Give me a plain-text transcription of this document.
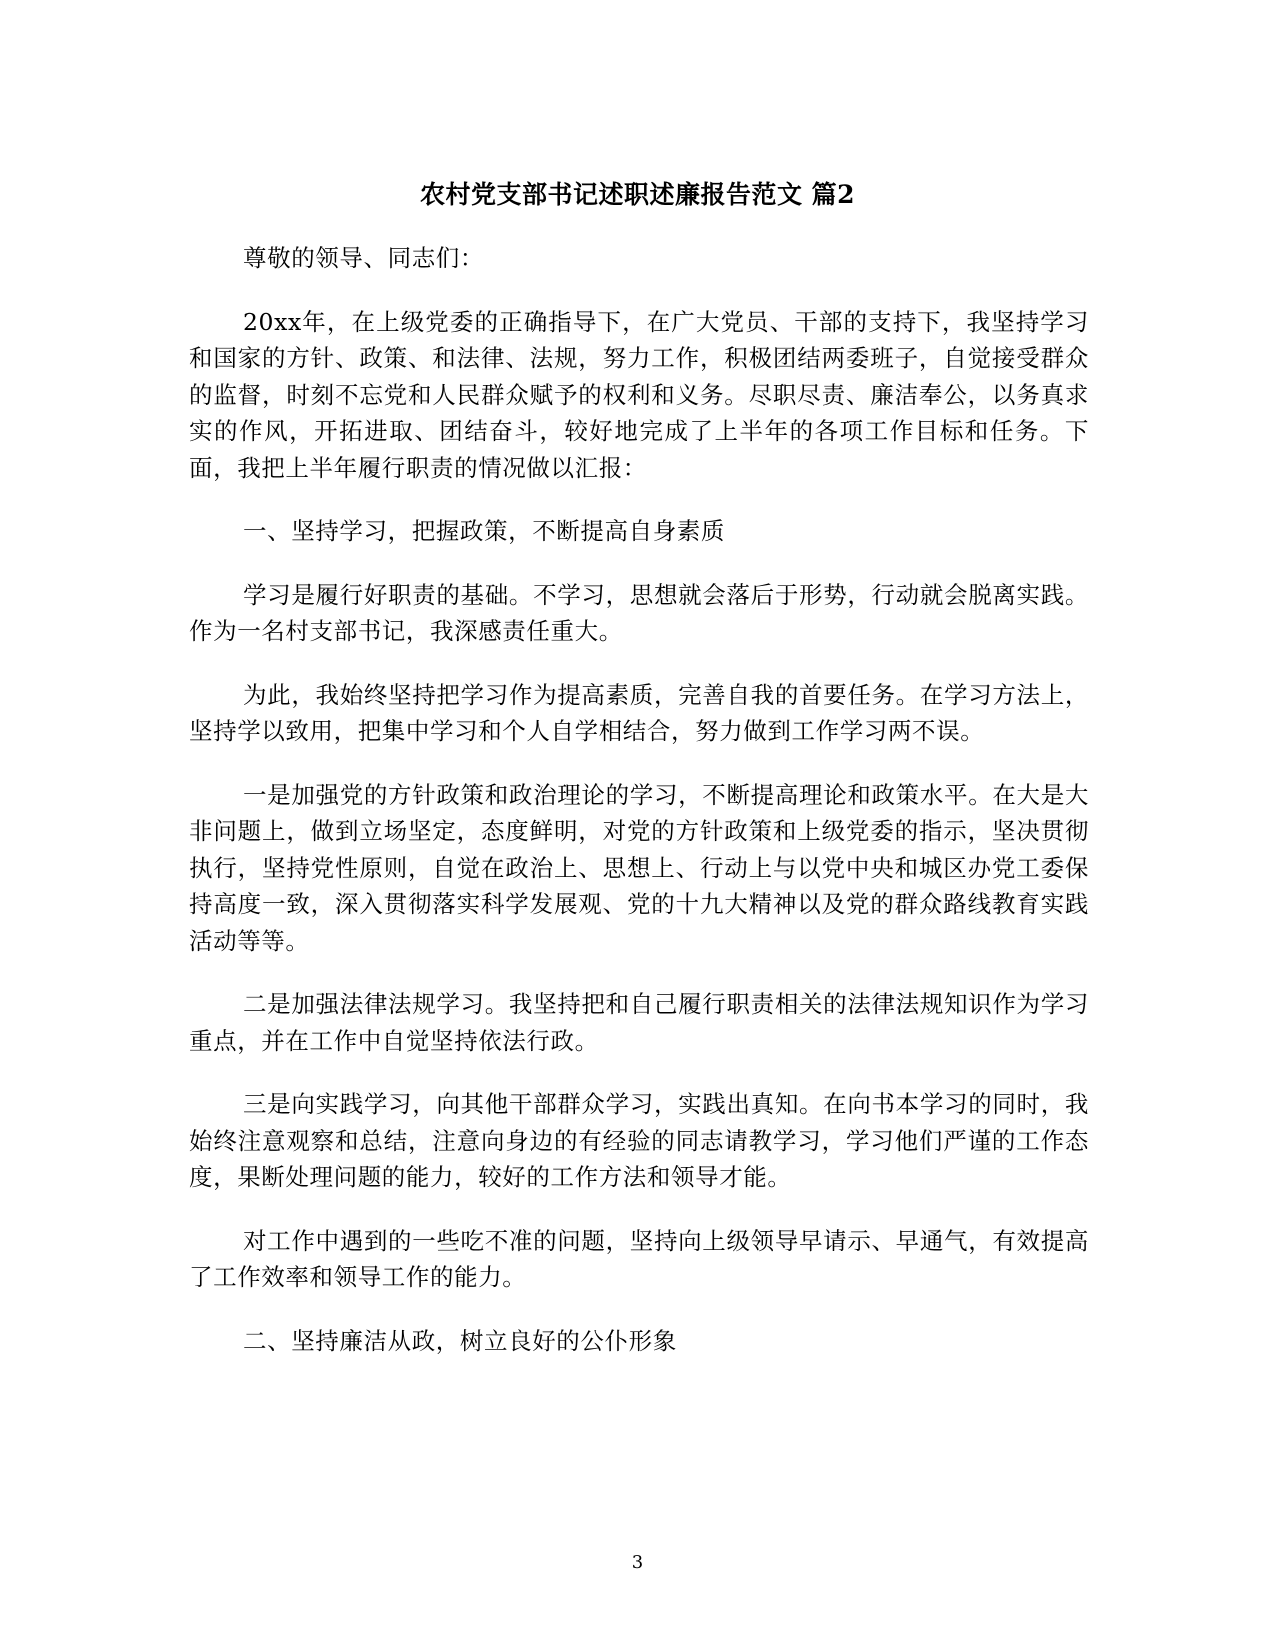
农村党支部书记述职述廉报告范文 篇2

尊敬的领导、同志们：

20xx年，在上级党委的正确指导下，在广大党员、干部的支持下，我坚持学习和国家的方针、政策、和法律、法规，努力工作，积极团结两委班子，自觉接受群众的监督，时刻不忘党和人民群众赋予的权利和义务。尽职尽责、廉洁奉公，以务真求实的作风，开拓进取、团结奋斗，较好地完成了上半年的各项工作目标和任务。下面，我把上半年履行职责的情况做以汇报：

一、坚持学习，把握政策，不断提高自身素质

学习是履行好职责的基础。不学习，思想就会落后于形势，行动就会脱离实践。作为一名村支部书记，我深感责任重大。

为此，我始终坚持把学习作为提高素质，完善自我的首要任务。在学习方法上，坚持学以致用，把集中学习和个人自学相结合，努力做到工作学习两不误。

一是加强党的方针政策和政治理论的学习，不断提高理论和政策水平。在大是大非问题上，做到立场坚定，态度鲜明，对党的方针政策和上级党委的指示，坚决贯彻执行，坚持党性原则，自觉在政治上、思想上、行动上与以党中央和城区办党工委保持高度一致，深入贯彻落实科学发展观、党的十九大精神以及党的群众路线教育实践活动等等。

二是加强法律法规学习。我坚持把和自己履行职责相关的法律法规知识作为学习重点，并在工作中自觉坚持依法行政。

三是向实践学习，向其他干部群众学习，实践出真知。在向书本学习的同时，我始终注意观察和总结，注意向身边的有经验的同志请教学习，学习他们严谨的工作态度，果断处理问题的能力，较好的工作方法和领导才能。

对工作中遇到的一些吃不准的问题，坚持向上级领导早请示、早通气，有效提高了工作效率和领导工作的能力。

二、坚持廉洁从政，树立良好的公仆形象

3
